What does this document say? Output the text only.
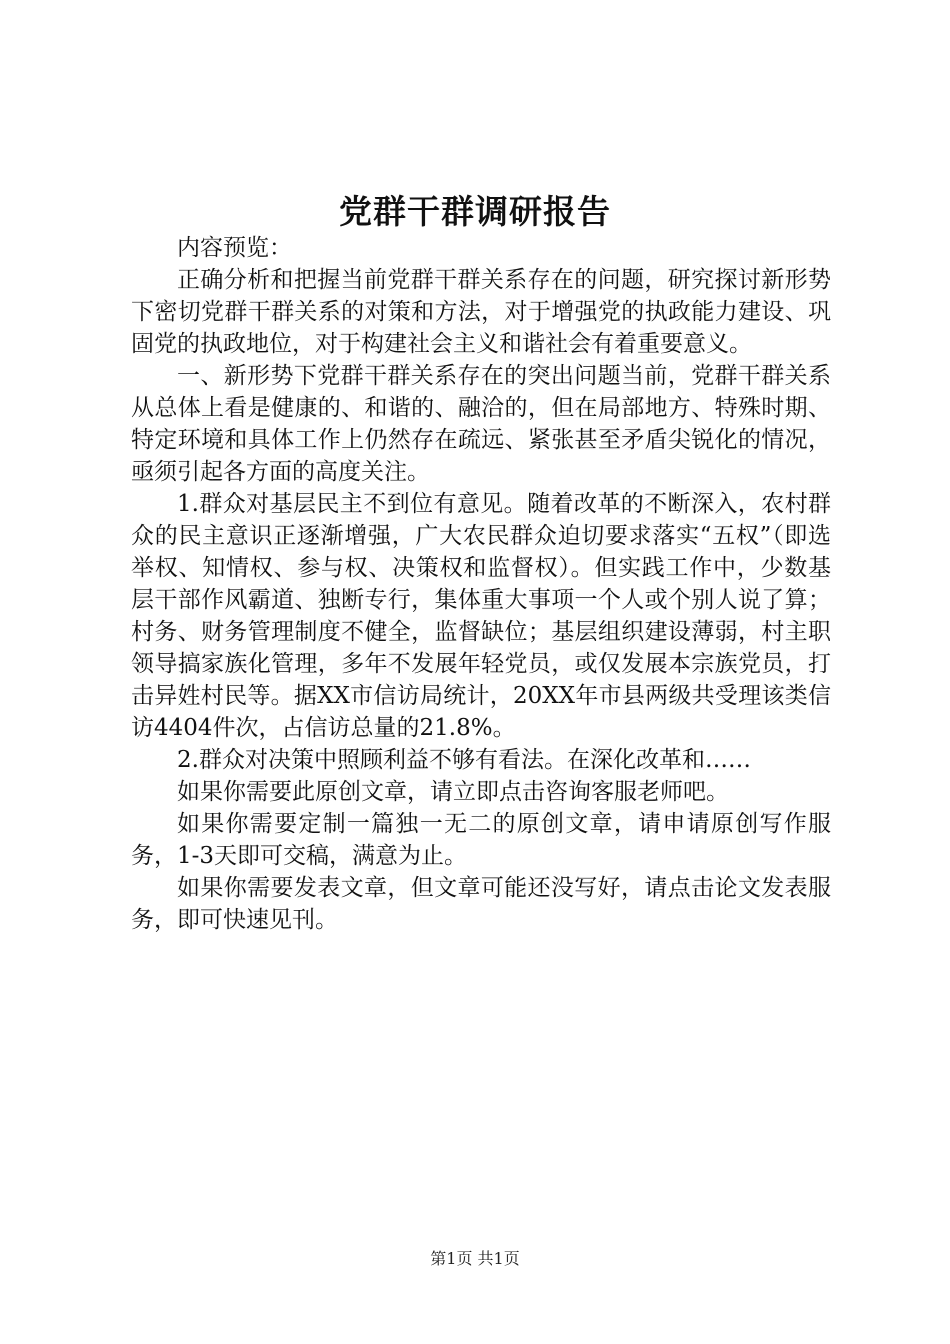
党群干群调研报告

内容预览：

正确分析和把握当前党群干群关系存在的问题，研究探讨新形势下密切党群干群关系的对策和方法，对于增强党的执政能力建设、巩固党的执政地位，对于构建社会主义和谐社会有着重要意义。

一、新形势下党群干群关系存在的突出问题当前，党群干群关系从总体上看是健康的、和谐的、融洽的，但在局部地方、特殊时期、特定环境和具体工作上仍然存在疏远、紧张甚至矛盾尖锐化的情况，亟须引起各方面的高度关注。

1.群众对基层民主不到位有意见。随着改革的不断深入，农村群众的民主意识正逐渐增强，广大农民群众迫切要求落实“五权”（即选举权、知情权、参与权、决策权和监督权）。但实践工作中，少数基层干部作风霸道、独断专行，集体重大事项一个人或个别人说了算；村务、财务管理制度不健全，监督缺位；基层组织建设薄弱，村主职领导搞家族化管理，多年不发展年轻党员，或仅发展本宗族党员，打击异姓村民等。据XX市信访局统计，20XX年市县两级共受理该类信访4404件次，占信访总量的21.8%。

2.群众对决策中照顾利益不够有看法。在深化改革和……

如果你需要此原创文章，请立即点击咨询客服老师吧。

如果你需要定制一篇独一无二的原创文章，请申请原创写作服务，1-3天即可交稿，满意为止。

如果你需要发表文章，但文章可能还没写好，请点击论文发表服务，即可快速见刊。

第1页 共1页
